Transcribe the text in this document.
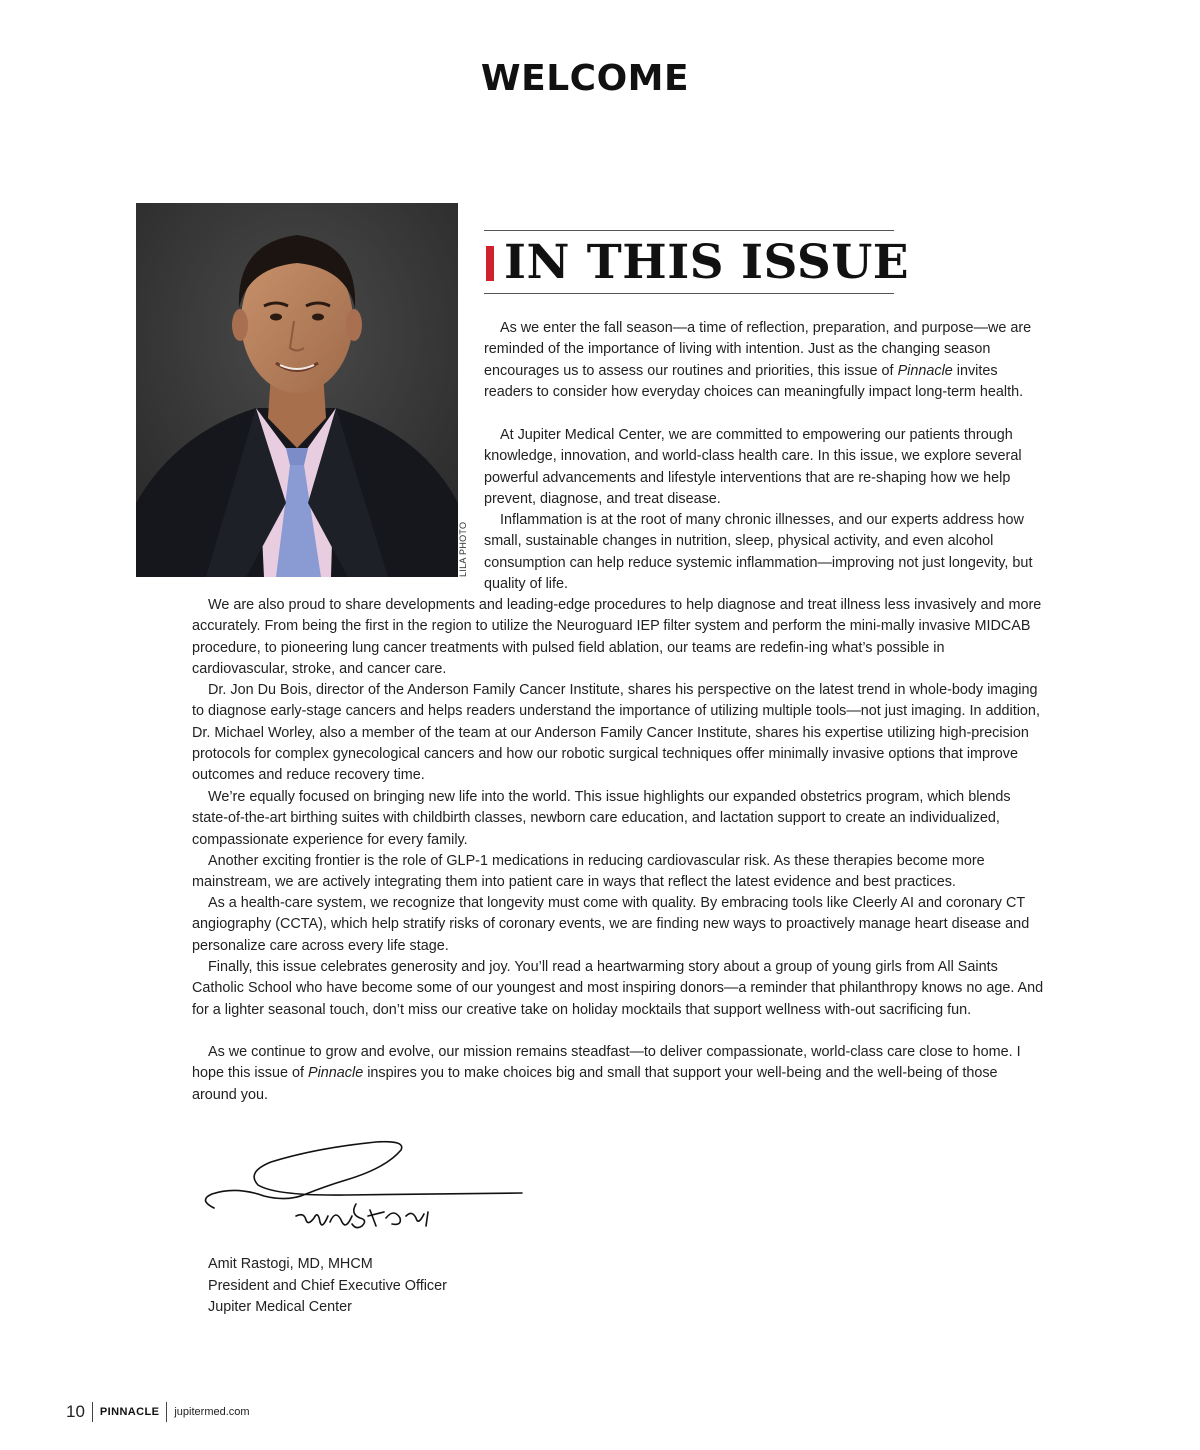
WELCOME
LILA PHOTO
IN THIS ISSUE

As we enter the fall season—a time of reflection, preparation, and purpose—we are reminded of the importance of living with intention. Just as the changing season encourages us to assess our routines and priorities, this issue of Pinnacle invites readers to consider how everyday choices can meaningfully impact long-term health.

At Jupiter Medical Center, we are committed to empowering our patients through knowledge, innovation, and world-class health care. In this issue, we explore several powerful advancements and lifestyle interventions that are re-shaping how we help prevent, diagnose, and treat disease.

Inflammation is at the root of many chronic illnesses, and our experts address how small, sustainable changes in nutrition, sleep, physical activity, and even alcohol consumption can help reduce systemic inflammation—improving not just longevity, but quality of life.

We are also proud to share developments and leading-edge procedures to help diagnose and treat illness less invasively and more accurately. From being the first in the region to utilize the Neuroguard IEP filter system and perform the mini-mally invasive MIDCAB procedure, to pioneering lung cancer treatments with pulsed field ablation, our teams are redefin-ing what’s possible in cardiovascular, stroke, and cancer care.

Dr. Jon Du Bois, director of the Anderson Family Cancer Institute, shares his perspective on the latest trend in whole-body imaging to diagnose early-stage cancers and helps readers understand the importance of utilizing multiple tools—not just imaging. In addition, Dr. Michael Worley, also a member of the team at our Anderson Family Cancer Institute, shares his expertise utilizing high-precision protocols for complex gynecological cancers and how our robotic surgical techniques offer minimally invasive options that improve outcomes and reduce recovery time.

We’re equally focused on bringing new life into the world. This issue highlights our expanded obstetrics program, which blends state-of-the-art birthing suites with childbirth classes, newborn care education, and lactation support to create an individualized, compassionate experience for every family.

Another exciting frontier is the role of GLP-1 medications in reducing cardiovascular risk. As these therapies become more mainstream, we are actively integrating them into patient care in ways that reflect the latest evidence and best practices.

As a health-care system, we recognize that longevity must come with quality. By embracing tools like Cleerly AI and coronary CT angiography (CCTA), which help stratify risks of coronary events, we are finding new ways to proactively manage heart disease and personalize care across every life stage.

Finally, this issue celebrates generosity and joy. You’ll read a heartwarming story about a group of young girls from All Saints Catholic School who have become some of our youngest and most inspiring donors—a reminder that philanthropy knows no age. And for a lighter seasonal touch, don’t miss our creative take on holiday mocktails that support wellness with-out sacrificing fun.

As we continue to grow and evolve, our mission remains steadfast—to deliver compassionate, world-class care close to home. I hope this issue of Pinnacle inspires you to make choices big and small that support your well-being and the well-being of those around you.

Amit Rastogi, MD, MHCM
President and Chief Executive Officer
Jupiter Medical Center
10 PINNACLE jupitermed.com
